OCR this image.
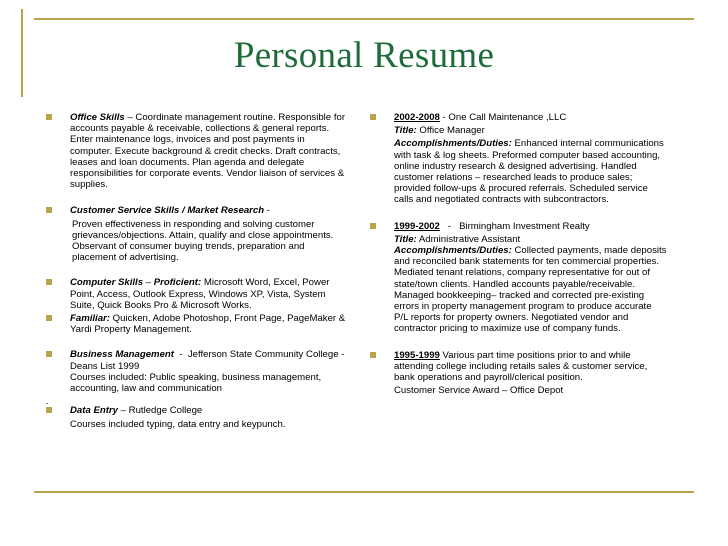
Personal Resume
Office Skills – Coordinate management routine. Responsible for accounts payable & receivable, collections & general reports. Enter maintenance logs, invoices and post payments in computer. Execute background & credit checks. Draft contracts, leases and loan documents. Plan agenda and delegate responsibilities for corporate events. Vendor liaison of services & supplies.
Customer Service Skills / Market Research -
Proven effectiveness in responding and solving customer grievances/objections. Attain, qualify and close appointments. Observant of consumer buying trends, preparation and placement of advertising.
Computer Skills – Proficient: Microsoft Word, Excel, Power Point, Access, Outlook Express, Windows XP, Vista, System Suite, Quick Books Pro & Microsoft Works.
Familiar: Quicken, Adobe Photoshop, Front Page, PageMaker & Yardi Property Management.
Business Management  -  Jefferson State Community College -        Deans List 1999
Courses included: Public speaking, business management, accounting, law and communication
.
Data Entry – Rutledge College
Courses included typing, data entry and keypunch.
2002-2008 - One Call Maintenance ,LLC
Title: Office Manager
Accomplishments/Duties: Enhanced internal communications with task & log sheets. Preformed computer based accounting, online industry research & designed advertising. Handled customer relations – researched leads to produce sales; provided follow-ups & procured referrals. Scheduled service calls and negotiated contracts with subcontractors.
1999-2002   -   Birmingham Investment Realty
Title: Administrative Assistant
Accomplishments/Duties: Collected payments, made deposits and reconciled bank statements for ten commercial properties. Mediated tenant relations, company representative for out of state/town clients. Handled accounts payable/receivable. Managed bookkeeping– tracked and corrected pre-existing errors in property management program to produce accurate P/L reports for property owners. Negotiated vendor and contractor pricing to maximize use of company funds.
1995-1999 Various part time positions prior to and while attending college including retails sales & customer service, bank operations and payroll/clerical position.
Customer Service Award – Office Depot
